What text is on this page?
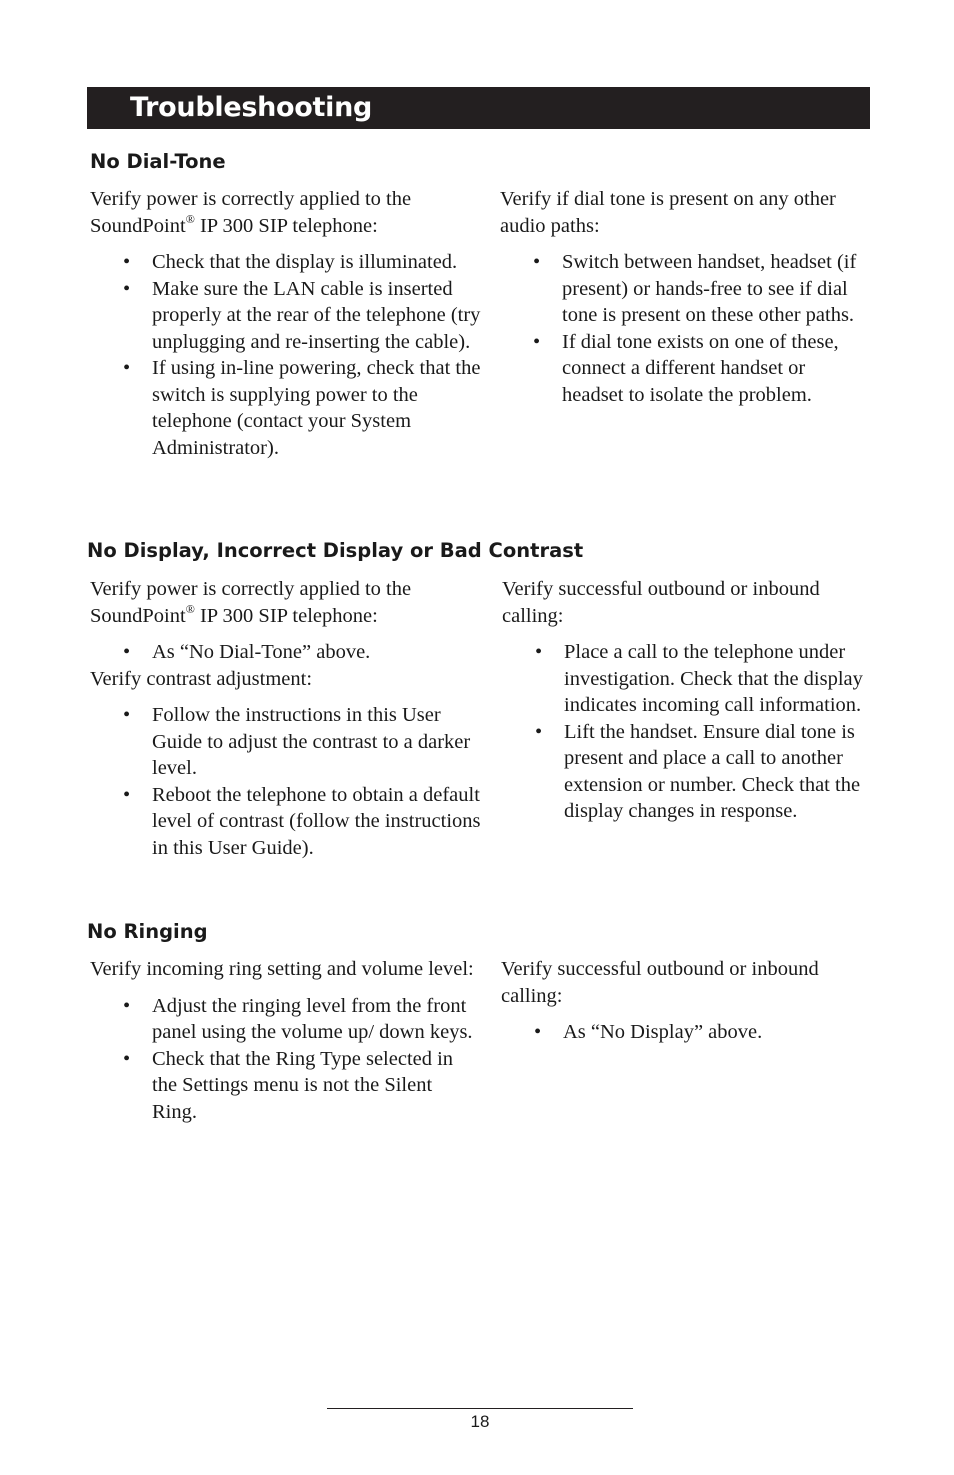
Troubleshooting
No Dial-Tone

Verify power is correctly applied to the SoundPoint® IP 300 SIP telephone:

• Check that the display is illuminated.
• Make sure the LAN cable is inserted properly at the rear of the telephone (try unplugging and re-inserting the cable).
• If using in-line powering, check that the switch is supplying power to the telephone (contact your System Administrator).

Verify if dial tone is present on any other audio paths:

• Switch between handset, headset (if present) or hands-free to see if dial tone is present on these other paths.
• If dial tone exists on one of these, connect a different handset or headset to isolate the problem.
No Display, Incorrect Display or Bad Contrast

Verify power is correctly applied to the SoundPoint® IP 300 SIP telephone:

• As “No Dial-Tone” above.

Verify contrast adjustment:

• Follow the instructions in this User Guide to adjust the contrast to a darker level.
• Reboot the telephone to obtain a default level of contrast (follow the instructions in this User Guide).

Verify successful outbound or inbound calling:

• Place a call to the telephone under investigation. Check that the display indicates incoming call information.
• Lift the handset. Ensure dial tone is present and place a call to another extension or number. Check that the display changes in response.
No Ringing

Verify incoming ring setting and volume level:

• Adjust the ringing level from the front panel using the volume up/ down keys.
• Check that the Ring Type selected in the Settings menu is not the Silent Ring.

Verify successful outbound or inbound calling:

• As “No Display” above.
18
